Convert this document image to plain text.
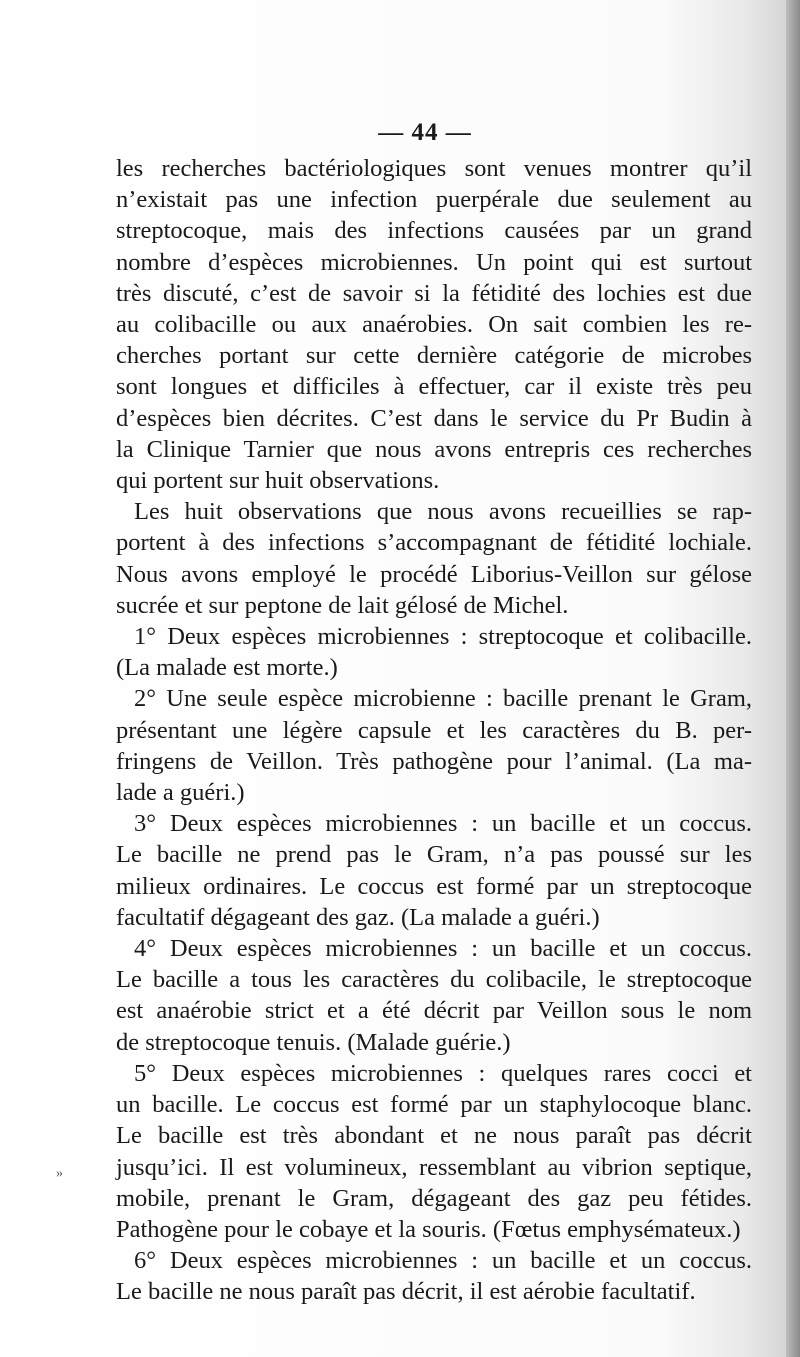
— 44 —
les recherches bactériologiques sont venues montrer qu’il
n’existait pas une infection puerpérale due seulement au
streptocoque, mais des infections causées par un grand
nombre d’espèces microbiennes. Un point qui est surtout
très discuté, c’est de savoir si la fétidité des lochies est due
au colibacille ou aux anaérobies. On sait combien les re-
cherches portant sur cette dernière catégorie de microbes
sont longues et difficiles à effectuer, car il existe très peu
d’espèces bien décrites. C’est dans le service du Pr Budin à
la Clinique Tarnier que nous avons entrepris ces recherches
qui portent sur huit observations.
Les huit observations que nous avons recueillies se rap-
portent à des infections s’accompagnant de fétidité lochiale.
Nous avons employé le procédé Liborius-Veillon sur gélose
sucrée et sur peptone de lait gélosé de Michel.
1° Deux espèces microbiennes : streptocoque et colibacille.
(La malade est morte.)
2° Une seule espèce microbienne : bacille prenant le Gram,
présentant une légère capsule et les caractères du B. per-
fringens de Veillon. Très pathogène pour l’animal. (La ma-
lade a guéri.)
3° Deux espèces microbiennes : un bacille et un coccus.
Le bacille ne prend pas le Gram, n’a pas poussé sur les
milieux ordinaires. Le coccus est formé par un streptocoque
facultatif dégageant des gaz. (La malade a guéri.)
4° Deux espèces microbiennes : un bacille et un coccus.
Le bacille a tous les caractères du colibacile, le streptocoque
est anaérobie strict et a été décrit par Veillon sous le nom
de streptocoque tenuis. (Malade guérie.)
5° Deux espèces microbiennes : quelques rares cocci et
un bacille. Le coccus est formé par un staphylocoque blanc.
Le bacille est très abondant et ne nous paraît pas décrit
jusqu’ici. Il est volumineux, ressemblant au vibrion septique,
mobile, prenant le Gram, dégageant des gaz peu fétides.
Pathogène pour le cobaye et la souris. (Fœtus emphysémateux.)
6° Deux espèces microbiennes : un bacille et un coccus.
Le bacille ne nous paraît pas décrit, il est aérobie facultatif.
»
